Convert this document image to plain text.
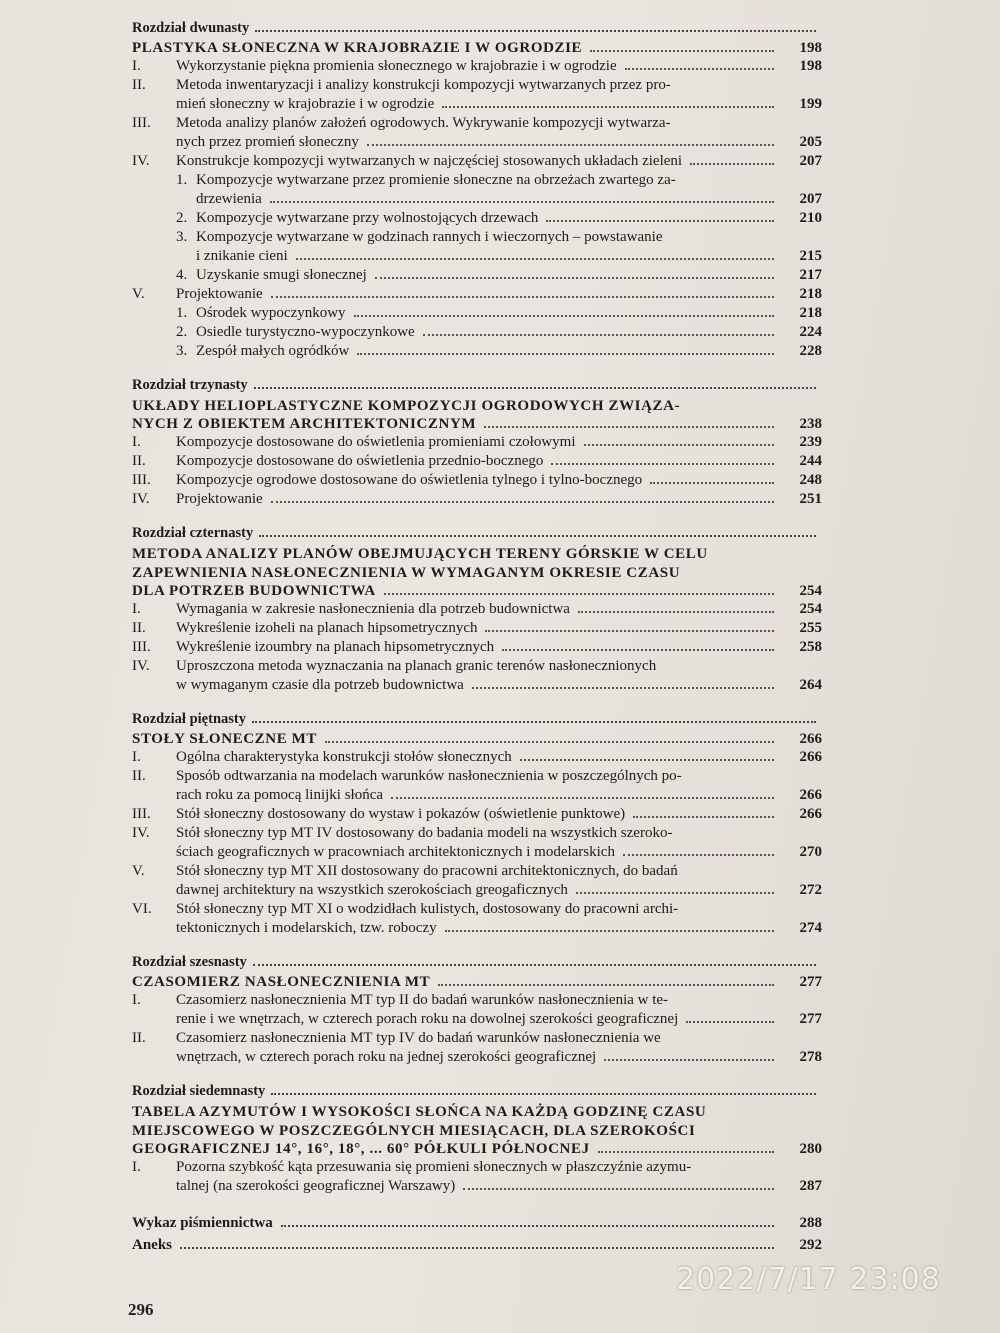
Rozdział dwunasty
PLASTYKA SŁONECZNA W KRAJOBRAZIE I W OGRODZIE	198
I.	Wykorzystanie piękna promienia słonecznego w krajobrazie i w ogrodzie	198
II.	Metoda inwentaryzacji i analizy konstrukcji kompozycji wytwarzanych przez pro-
mień słoneczny w krajobrazie i w ogrodzie	199
III.	Metoda analizy planów założeń ogrodowych. Wykrywanie kompozycji wytwarza-
nych przez promień słoneczny	205
IV.	Konstrukcje kompozycji wytwarzanych w najczęściej stosowanych układach zieleni	207
1. Kompozycje wytwarzane przez promienie słoneczne na obrzeżach zwartego za-
drzewienia	207
2. Kompozycje wytwarzane przy wolnostojących drzewach	210
3. Kompozycje wytwarzane w godzinach rannych i wieczornych – powstawanie
i znikanie cieni	215
4. Uzyskanie smugi słonecznej	217
V.	Projektowanie	218
1. Ośrodek wypoczynkowy	218
2. Osiedle turystyczno-wypoczynkowe	224
3. Zespół małych ogródków	228
Rozdział trzynasty
UKŁADY HELIOPLASTYCZNE KOMPOZYCJI OGRODOWYCH ZWIĄZA-
NYCH Z OBIEKTEM ARCHITEKTONICZNYM	238
I.	Kompozycje dostosowane do oświetlenia promieniami czołowymi	239
II.	Kompozycje dostosowane do oświetlenia przednio-bocznego	244
III.	Kompozycje ogrodowe dostosowane do oświetlenia tylnego i tylno-bocznego	248
IV.	Projektowanie	251
Rozdział czternasty
METODA ANALIZY PLANÓW OBEJMUJĄCYCH TERENY GÓRSKIE W CELU
ZAPEWNIENIA NASŁONECZNIENIA W WYMAGANYM OKRESIE CZASU
DLA POTRZEB BUDOWNICTWA	254
I.	Wymagania w zakresie nasłonecznienia dla potrzeb budownictwa	254
II.	Wykreślenie izoheli na planach hipsometrycznych	255
III.	Wykreślenie izoumbry na planach hipsometrycznych	258
IV.	Uproszczona metoda wyznaczania na planach granic terenów nasłonecznionych
w wymaganym czasie dla potrzeb budownictwa	264
Rozdział piętnasty
STOŁY SŁONECZNE MT	266
I.	Ogólna charakterystyka konstrukcji stołów słonecznych	266
II.	Sposób odtwarzania na modelach warunków nasłonecznienia w poszczególnych po-
rach roku za pomocą linijki słońca	266
III.	Stół słoneczny dostosowany do wystaw i pokazów (oświetlenie punktowe)	266
IV.	Stół słoneczny typ MT IV dostosowany do badania modeli na wszystkich szeroko-
ściach geograficznych w pracowniach architektonicznych i modelarskich	270
V.	Stół słoneczny typ MT XII dostosowany do pracowni architektonicznych, do badań
dawnej architektury na wszystkich szerokościach greogaficznych	272
VI.	Stół słoneczny typ MT XI o wodzidłach kulistych, dostosowany do pracowni archi-
tektonicznych i modelarskich, tzw. roboczy	274
Rozdział szesnasty
CZASOMIERZ NASŁONECZNIENIA MT	277
I.	Czasomierz nasłonecznienia MT typ II do badań warunków nasłonecznienia w te-
renie i we wnętrzach, w czterech porach roku na dowolnej szerokości geograficznej	277
II.	Czasomierz nasłonecznienia MT typ IV do badań warunków nasłonecznienia we
wnętrzach, w czterech porach roku na jednej szerokości geograficznej	278
Rozdział siedemnasty
TABELA AZYMUTÓW I WYSOKOŚCI SŁOŃCA NA KAŻDĄ GODZINĘ CZASU
MIEJSCOWEGO W POSZCZEGÓLNYCH MIESIĄCACH, DLA SZEROKOŚCI
GEOGRAFICZNEJ 14°, 16°, 18°, ... 60° PÓŁKULI PÓŁNOCNEJ	280
I.	Pozorna szybkość kąta przesuwania się promieni słonecznych w płaszczyźnie azymu-
talnej (na szerokości geograficznej Warszawy)	287
Wykaz piśmiennictwa	288
Aneks	292
296
2022/7/17 23:08
